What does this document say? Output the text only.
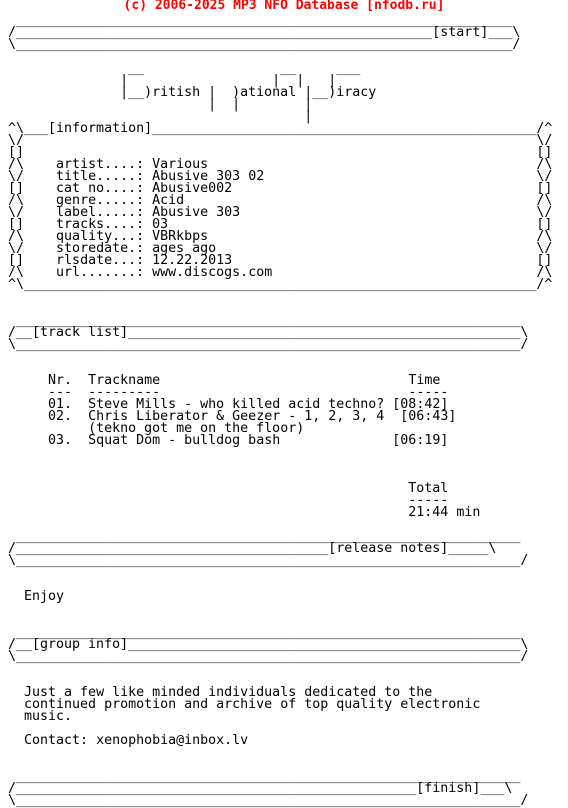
(c) 2006-2025 MP3 NFO Database [nfodb.ru]
______________________________________________________________
/____________________________________________________[start]___\
\______________________________________________________________/

__                 __     ___
|                  |  |   |
|__)ritish |  )ational |__)iracy
|  |        |
|
^\___[information]________________________________________________/^
\/	\/
[]	[]
/\ artist....: Various	/\
\/ title.....: Abusive 303 02	\/
[] cat no....: Abusive002	[]
/\ genre.....: Acid	/\
\/ label.....: Abusive 303	\/
[] tracks....: 03	[]
/\ quality...: VBRkbps	/\
\/ storedate.: ages ago	\/
[] rlsdate...: 12.22.2013	[]
/\ url.......: www.discogs.com	/\
^\________________________________________________________________/^

_______________________________________________________________
/__[track list]_________________________________________________\
\_______________________________________________________________/

Nr. Trackname	Time
--- ---------	-----
01. Steve Mills - who killed acid techno? [08:42]
02. Chris Liberator & Geezer - 1, 2, 3, 4 [06:43]
(tekno got me on the floor)
03. Squat Dom - bulldog bash	[06:19]

Total
-----
21:44 min

_______________________________________________________________
/_______________________________________[release notes]_____\
\_______________________________________________________________/

Enjoy

_______________________________________________________________
/__[group info]_________________________________________________\
\_______________________________________________________________/

Just a few like minded individuals dedicated to the
continued promotion and archive of top quality electronic
music.

Contact: xenophobia@inbox.lv

_______________________________________________________________
/__________________________________________________[finish]___\
\_______________________________________________________________/
